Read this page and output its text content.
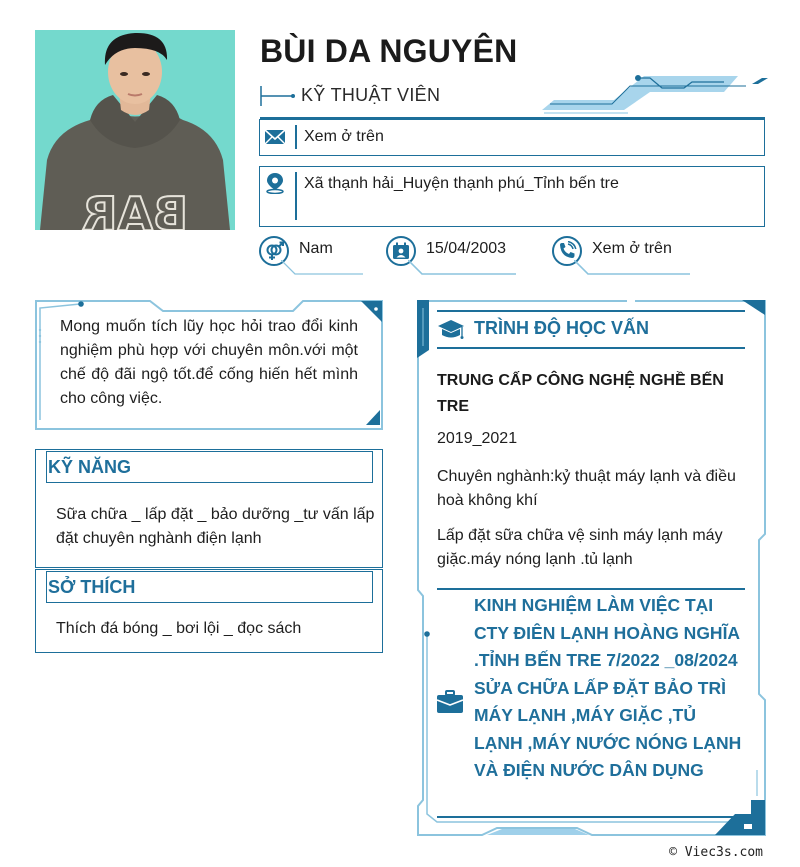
BAR
BÙI DA NGUYÊN
KỸ THUẬT VIÊN
Xem ở trên
Xã thạnh hải_Huyện thạnh phú_Tỉnh bến tre
Nam	15/04/2003	Xem ở trên
Mong muốn tích lũy học hỏi trao đổi kinh nghiệm phù hợp với chuyên môn.với một chế độ đãi ngộ tốt.để cống hiến hết mình cho công việc.
KỸ NĂNG
Sữa chữa _ lấp đặt _ bảo dưỡng _tư vấn lấp đặt chuyên nghành điện lạnh
SỞ THÍCH
Thích đá bóng _ bơi lội _ đọc sách
TRÌNH ĐỘ HỌC VẤN
TRUNG CẤP CÔNG NGHỆ NGHỀ BẾN TRE
2019_2021
Chuyên nghành:kỷ thuật máy lạnh và điều hoà không khí
Lấp đặt sữa chữa vệ sinh máy lạnh máy giặc.máy nóng lạnh .tủ lạnh
KINH NGHIỆM LÀM VIỆC TẠI CTY ĐIÊN LẠNH HOÀNG NGHĨA .TỈNH BẾN TRE 7/2022 _08/2024 SỬA CHỮA LẤP ĐẶT BẢO TRÌ MÁY LẠNH ,MÁY GIẶC ,TỦ LẠNH ,MÁY NƯỚC NÓNG LẠNH VÀ ĐIỆN NƯỚC DÂN DỤNG
© Viec3s.com
